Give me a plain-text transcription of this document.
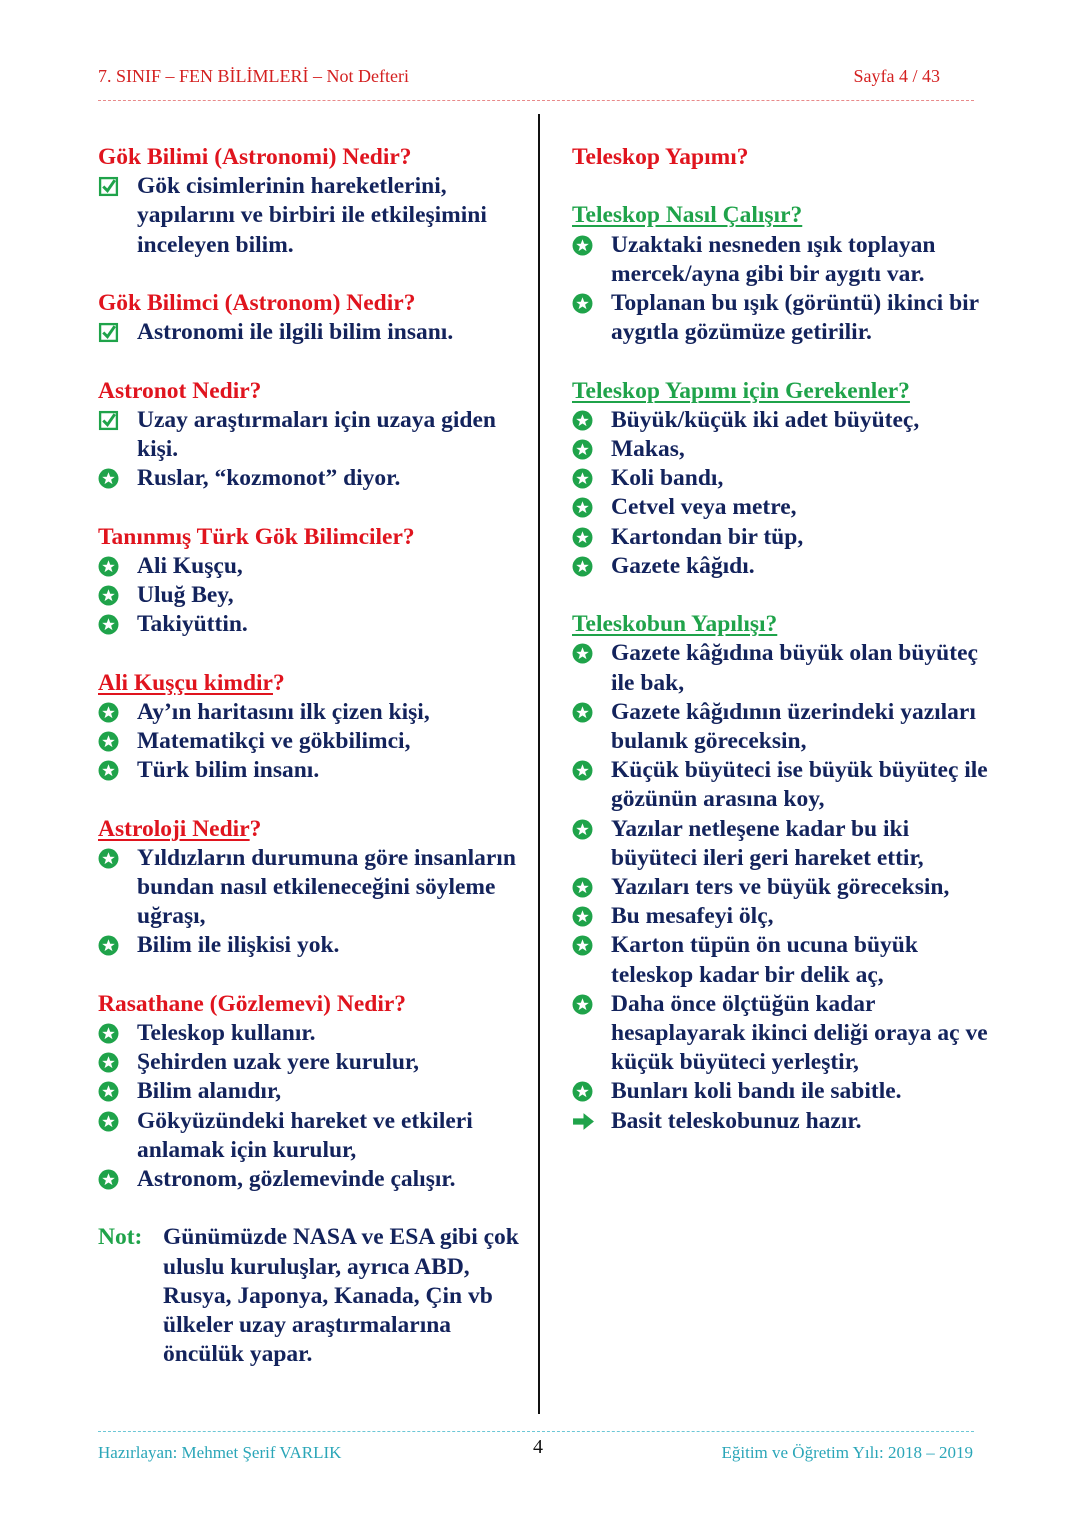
7. SINIF – FEN BİLİMLERİ – Not Defteri	Sayfa 4 / 43
Gök Bilimi (Astronomi) Nedir?
Gök cisimlerinin hareketlerini, yapılarını ve birbiri ile etkileşimini inceleyen bilim.
Gök Bilimci (Astronom) Nedir?
Astronomi ile ilgili bilim insanı.
Astronot Nedir?
Uzay araştırmaları için uzaya giden kişi.
Ruslar, “kozmonot” diyor.
Tanınmış Türk Gök Bilimciler?
Ali Kuşçu,
Uluğ Bey,
Takiyüttin.
Ali Kuşçu kimdir?
Ay’ın haritasını ilk çizen kişi,
Matematikçi ve gökbilimci,
Türk bilim insanı.
Astroloji Nedir?
Yıldızların durumuna göre insanların bundan nasıl etkileneceğini söyleme uğraşı,
Bilim ile ilişkisi yok.
Rasathane (Gözlemevi) Nedir?
Teleskop kullanır.
Şehirden uzak yere kurulur,
Bilim alanıdır,
Gökyüzündeki hareket ve etkileri anlamak için kurulur,
Astronom, gözlemevinde çalışır.
Not: Günümüzde NASA ve ESA gibi çok uluslu kuruluşlar, ayrıca ABD, Rusya, Japonya, Kanada, Çin vb ülkeler uzay araştırmalarına öncülük yapar.
Teleskop Yapımı?
Teleskop Nasıl Çalışır?
Uzaktaki nesneden ışık toplayan mercek/ayna gibi bir aygıtı var.
Toplanan bu ışık (görüntü) ikinci bir aygıtla gözümüze getirilir.
Teleskop Yapımı için Gerekenler?
Büyük/küçük iki adet büyüteç,
Makas,
Koli bandı,
Cetvel veya metre,
Kartondan bir tüp,
Gazete kâğıdı.
Teleskobun Yapılışı?
Gazete kâğıdına büyük olan büyüteç ile bak,
Gazete kâğıdının üzerindeki yazıları bulanık göreceksin,
Küçük büyüteci ise büyük büyüteç ile gözünün arasına koy,
Yazılar netleşene kadar bu iki büyüteci ileri geri hareket ettir,
Yazıları ters ve büyük göreceksin,
Bu mesafeyi ölç,
Karton tüpün ön ucuna büyük teleskop kadar bir delik aç,
Daha önce ölçtüğün kadar hesaplayarak ikinci deliği oraya aç ve küçük büyüteci yerleştir,
Bunları koli bandı ile sabitle.
Basit teleskobunuz hazır.
Hazırlayan: Mehmet Şerif VARLIK	4	Eğitim ve Öğretim Yılı: 2018 – 2019
